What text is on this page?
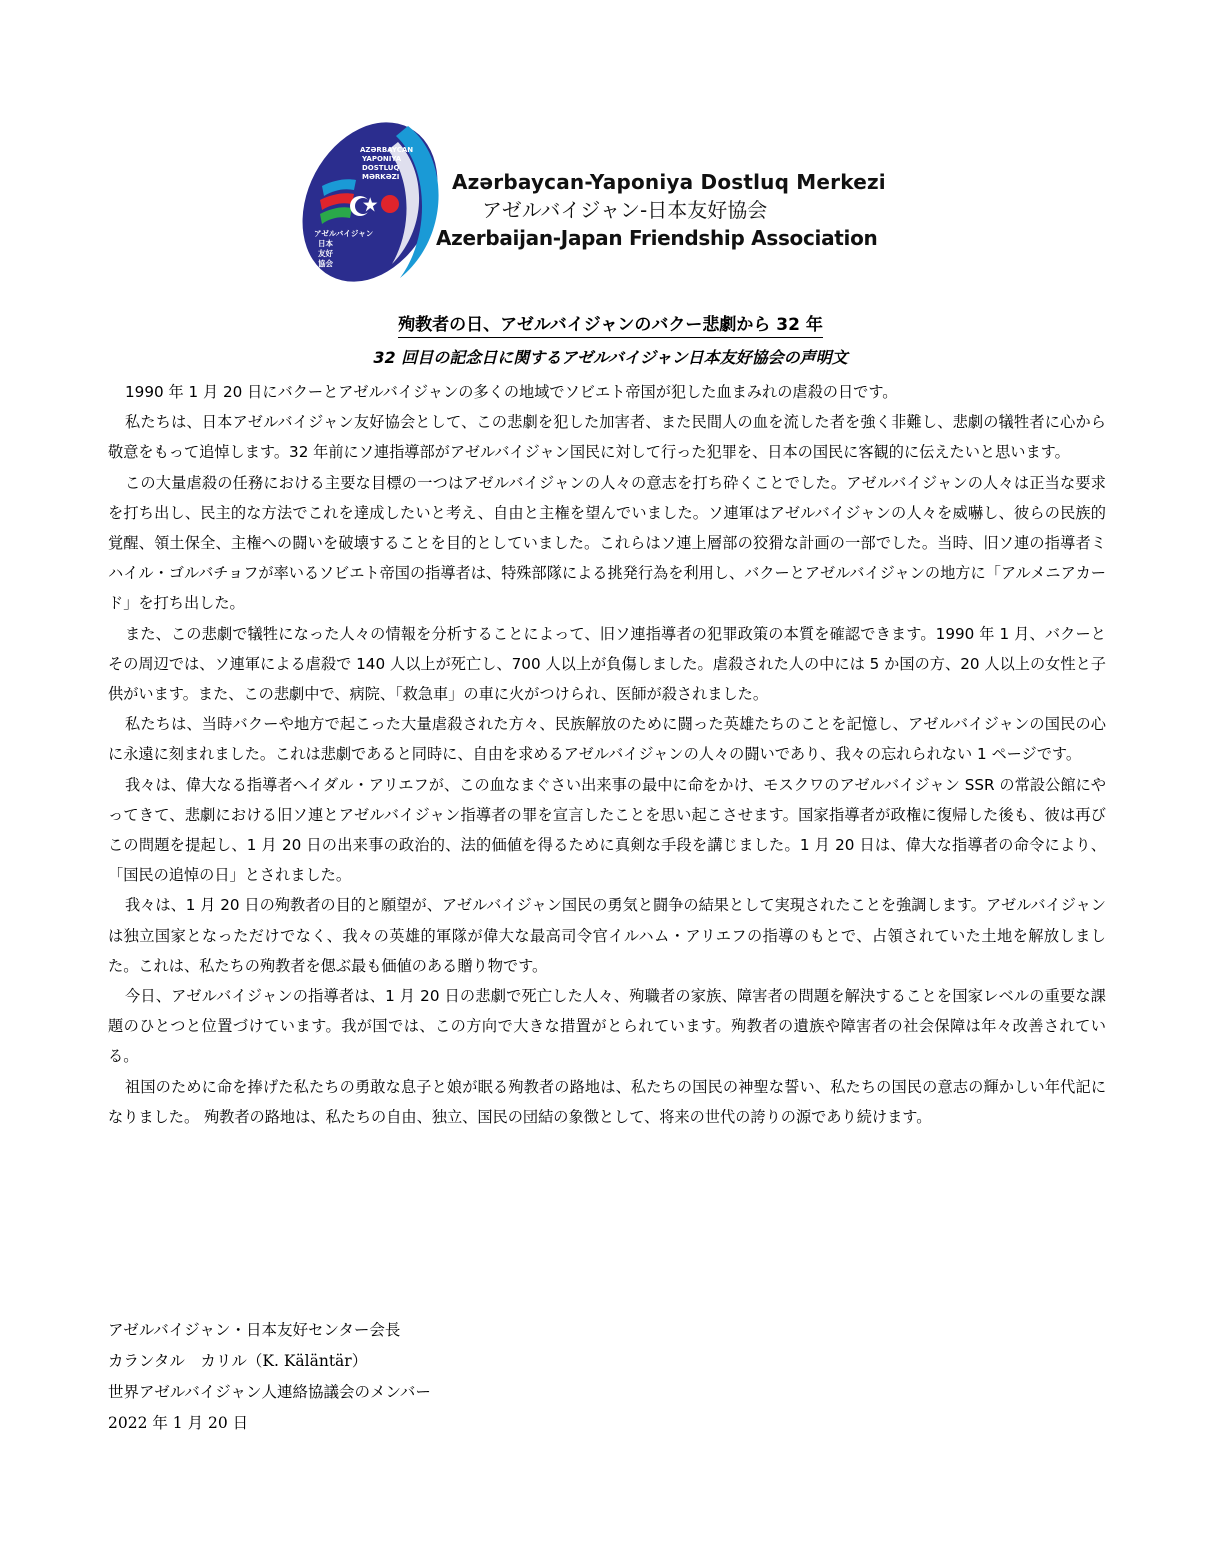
AZƏRBAYCAN
YAPONIYA
DOSTLUQ
MƏRKƏZI
アゼルバイジャン
日本
友好
協会
Azərbaycan-Yaponiya Dostluq Merkezi
アゼルバイジャン-日本友好協会
Azerbaijan-Japan Friendship Association
殉教者の日、アゼルバイジャンのバクー悲劇から 32 年
32 回目の記念日に関するアゼルバイジャン日本友好協会の声明文

1990 年 1 月 20 日にバクーとアゼルバイジャンの多くの地域でソビエト帝国が犯した血まみれの虐殺の日です。

私たちは、日本アゼルバイジャン友好協会として、この悲劇を犯した加害者、また民間人の血を流した者を強く非難し、悲劇の犠牲者に心から敬意をもって追悼します。32 年前にソ連指導部がアゼルバイジャン国民に対して行った犯罪を、日本の国民に客観的に伝えたいと思います。

この大量虐殺の任務における主要な目標の一つはアゼルバイジャンの人々の意志を打ち砕くことでした。アゼルバイジャンの人々は正当な要求を打ち出し、民主的な方法でこれを達成したいと考え、自由と主権を望んでいました。ソ連軍はアゼルバイジャンの人々を威嚇し、彼らの民族的覚醒、領土保全、主権への闘いを破壊することを目的としていました。これらはソ連上層部の狡猾な計画の一部でした。当時、旧ソ連の指導者ミハイル・ゴルバチョフが率いるソビエト帝国の指導者は、特殊部隊による挑発行為を利用し、バクーとアゼルバイジャンの地方に「アルメニアカード」を打ち出した。

また、この悲劇で犠牲になった人々の情報を分析することによって、旧ソ連指導者の犯罪政策の本質を確認できます。1990 年 1 月、バクーとその周辺では、ソ連軍による虐殺で 140 人以上が死亡し、700 人以上が負傷しました。虐殺された人の中には 5 か国の方、20 人以上の女性と子供がいます。また、この悲劇中で、病院、「救急車」の車に火がつけられ、医師が殺されました。

私たちは、当時バクーや地方で起こった大量虐殺された方々、民族解放のために闘った英雄たちのことを記憶し、アゼルバイジャンの国民の心に永遠に刻まれました。これは悲劇であると同時に、自由を求めるアゼルバイジャンの人々の闘いであり、我々の忘れられない 1 ページです。

我々は、偉大なる指導者ヘイダル・アリエフが、この血なまぐさい出来事の最中に命をかけ、モスクワのアゼルバイジャン SSR の常設公館にやってきて、悲劇における旧ソ連とアゼルバイジャン指導者の罪を宣言したことを思い起こさせます。国家指導者が政権に復帰した後も、彼は再びこの問題を提起し、1 月 20 日の出来事の政治的、法的価値を得るために真剣な手段を講じました。1 月 20 日は、偉大な指導者の命令により、「国民の追悼の日」とされました。

我々は、1 月 20 日の殉教者の目的と願望が、アゼルバイジャン国民の勇気と闘争の結果として実現されたことを強調します。アゼルバイジャンは独立国家となっただけでなく、我々の英雄的軍隊が偉大な最高司令官イルハム・アリエフの指導のもとで、占領されていた土地を解放しました。これは、私たちの殉教者を偲ぶ最も価値のある贈り物です。

今日、アゼルバイジャンの指導者は、1 月 20 日の悲劇で死亡した人々、殉職者の家族、障害者の問題を解決することを国家レベルの重要な課題のひとつと位置づけています。我が国では、この方向で大きな措置がとられています。殉教者の遺族や障害者の社会保障は年々改善されている。

祖国のために命を捧げた私たちの勇敢な息子と娘が眠る殉教者の路地は、私たちの国民の神聖な誓い、私たちの国民の意志の輝かしい年代記になりました。 殉教者の路地は、私たちの自由、独立、国民の団結の象徴として、将来の世代の誇りの源であり続けます。

アゼルバイジャン・日本友好センター会長
カランタル　カリル（K. Käläntär）
世界アゼルバイジャン人連絡協議会のメンバー
2022 年 1 月 20 日
